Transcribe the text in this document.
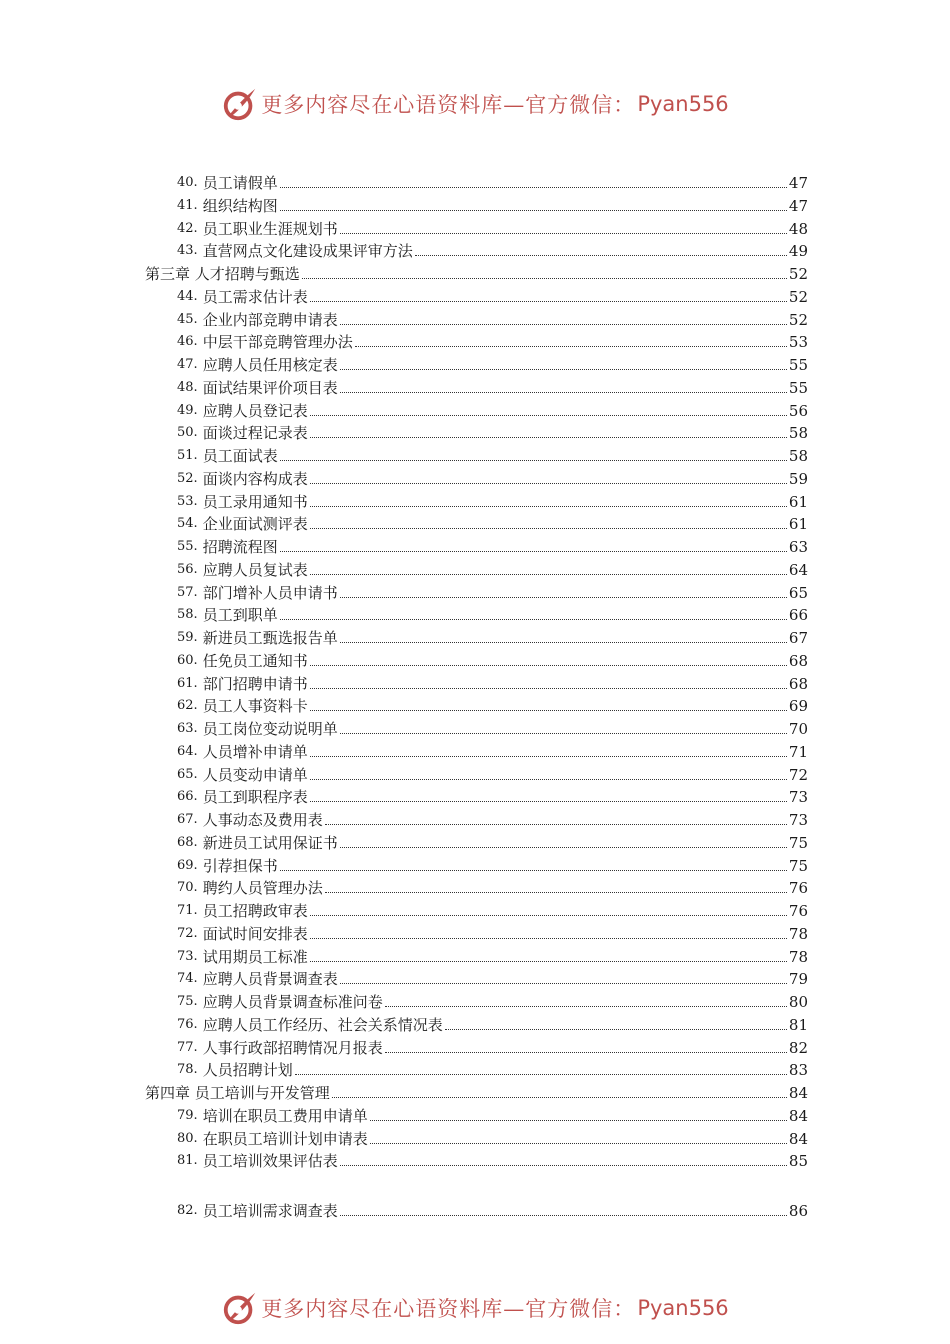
更多内容尽在心语资料库—官方微信： Pyan556
40. 员工请假单	47
41. 组织结构图	47
42. 员工职业生涯规划书	48
43. 直营网点文化建设成果评审方法	49
第三章 人才招聘与甄选	52
44. 员工需求估计表	52
45. 企业内部竞聘申请表	52
46. 中层干部竞聘管理办法	53
47. 应聘人员任用核定表	55
48. 面试结果评价项目表	55
49. 应聘人员登记表	56
50. 面谈过程记录表	58
51. 员工面试表	58
52. 面谈内容构成表	59
53. 员工录用通知书	61
54. 企业面试测评表	61
55. 招聘流程图	63
56. 应聘人员复试表	64
57. 部门增补人员申请书	65
58. 员工到职单	66
59. 新进员工甄选报告单	67
60. 任免员工通知书	68
61. 部门招聘申请书	68
62. 员工人事资料卡	69
63. 员工岗位变动说明单	70
64. 人员增补申请单	71
65. 人员变动申请单	72
66. 员工到职程序表	73
67. 人事动态及费用表	73
68. 新进员工试用保证书	75
69. 引荐担保书	75
70. 聘约人员管理办法	76
71. 员工招聘政审表	76
72. 面试时间安排表	78
73. 试用期员工标准	78
74. 应聘人员背景调查表	79
75. 应聘人员背景调查标准问卷	80
76. 应聘人员工作经历、社会关系情况表	81
77. 人事行政部招聘情况月报表	82
78. 人员招聘计划	83
第四章 员工培训与开发管理	84
79. 培训在职员工费用申请单	84
80. 在职员工培训计划申请表	84
81. 员工培训效果评估表	85
82. 员工培训需求调查表	86
更多内容尽在心语资料库—官方微信： Pyan556
